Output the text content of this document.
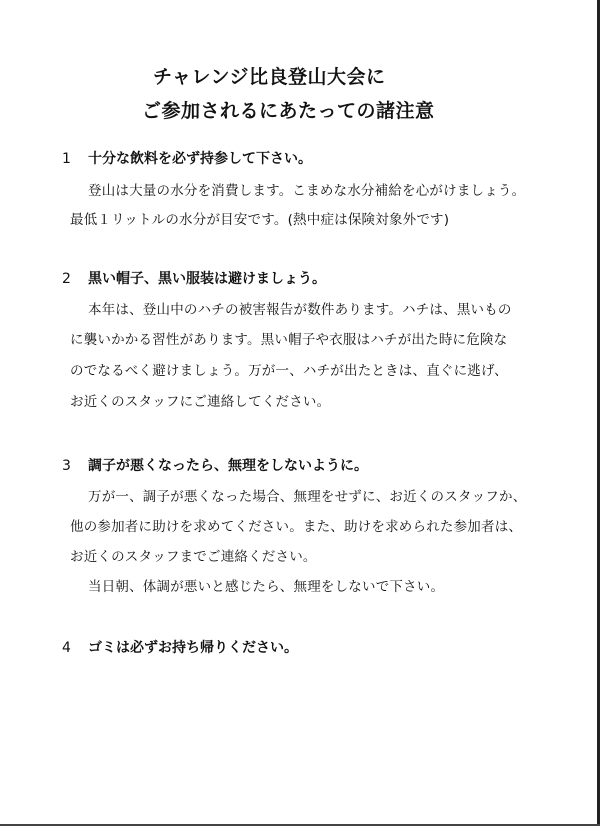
チャレンジ比良登山大会に
ご参加されるにあたっての諸注意
1 十分な飲料を必ず持参して下さい。
登山は大量の水分を消費します。こまめな水分補給を心がけましょう。
最低１リットルの水分が目安です。(熱中症は保険対象外です)
2 黒い帽子、黒い服装は避けましょう。
本年は、登山中のハチの被害報告が数件あります。ハチは、黒いもの
に襲いかかる習性があります。黒い帽子や衣服はハチが出た時に危険な
のでなるべく避けましょう。万が一、ハチが出たときは、直ぐに逃げ、
お近くのスタッフにご連絡してください。
3 調子が悪くなったら、無理をしないように。
万が一、調子が悪くなった場合、無理をせずに、お近くのスタッフか、
他の参加者に助けを求めてください。また、助けを求められた参加者は、
お近くのスタッフまでご連絡ください。
当日朝、体調が悪いと感じたら、無理をしないで下さい。
4 ゴミは必ずお持ち帰りください。
